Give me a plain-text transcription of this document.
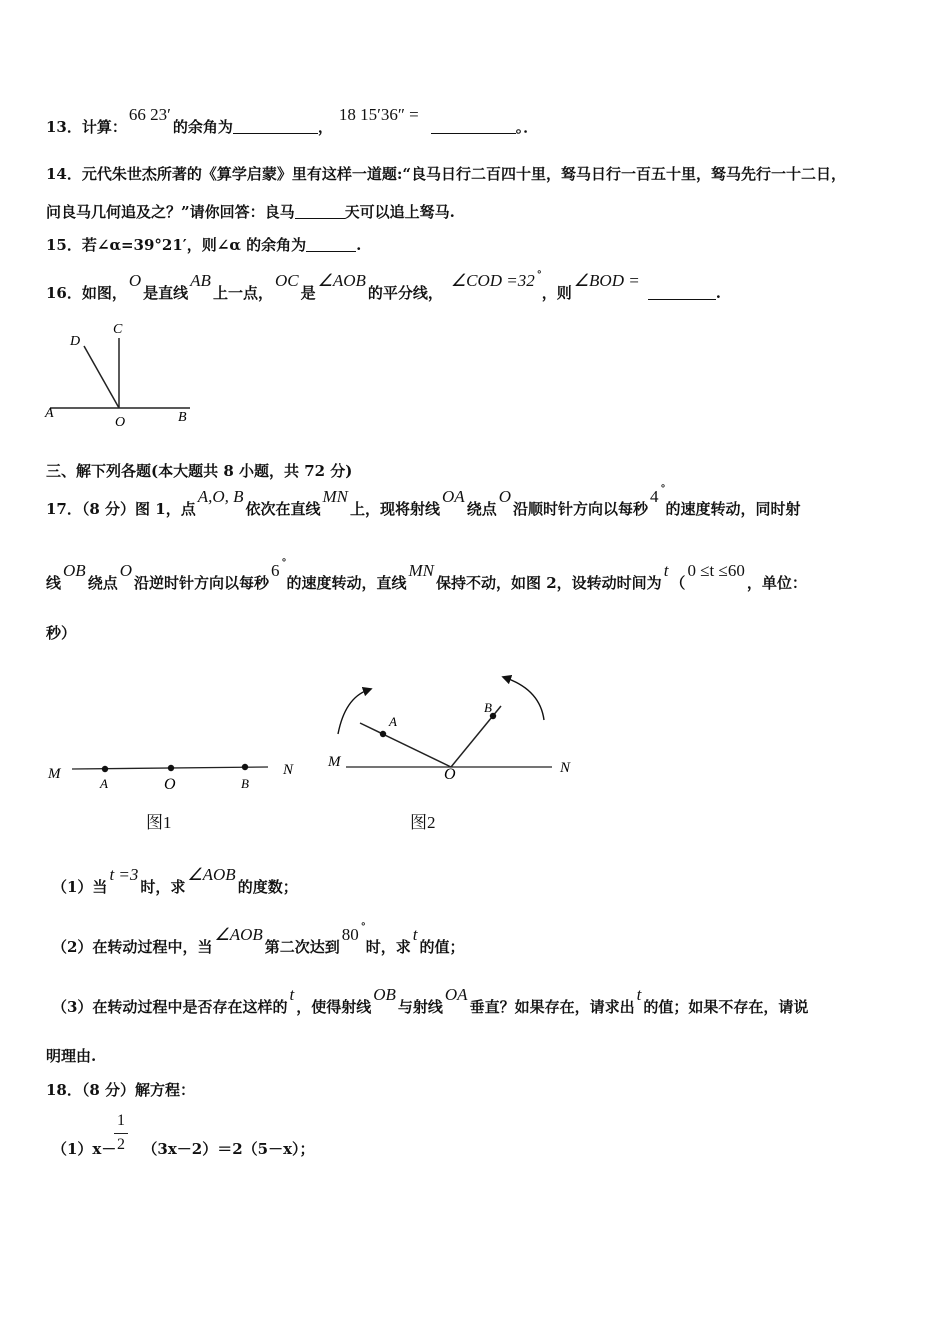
13．计算：66 23′的余角为	，18 15′36″ =。．
14．元代朱世杰所著的《算学启蒙》里有这样一道题:“良马日行二百四十里，驽马日行一百五十里，驽马先行一十二日，
问良马几何追及之？”请你回答：良马	天可以追上驽马.
15．若∠α=39°21′，则∠α 的余角为	.
16．如图，O是直线AB上一点，OC是∠AOB的平分线，∠COD =32 °，则∠BOD =.
A	B
C
D
O
三、解下列各题(本大题共 8 小题，共 72 分)
17．（8 分）图 1，点A,O, B依次在直线MN上，现将射线OA绕点O沿顺时针方向以每秒4 °的速度转动，同时射
线OB绕点O沿逆时针方向以每秒6 °的速度转动，直线MN保持不动，如图 2，设转动时间为t（0 ≤t ≤60，单位：
秒）
M
A	O	B
N
图1
M
A
O
B
N
图2
（1）当t =3时，求∠AOB的度数；
（2）在转动过程中，当∠AOB第二次达到80 °时，求t的值；
（3）在转动过程中是否存在这样的t，使得射线OB与射线OA垂直？如果存在，请求出t的值；如果不存在，请说
明理由.
18．（8 分）解方程：
（1）x－ （3x－2）＝2（5－x）；
1
2
